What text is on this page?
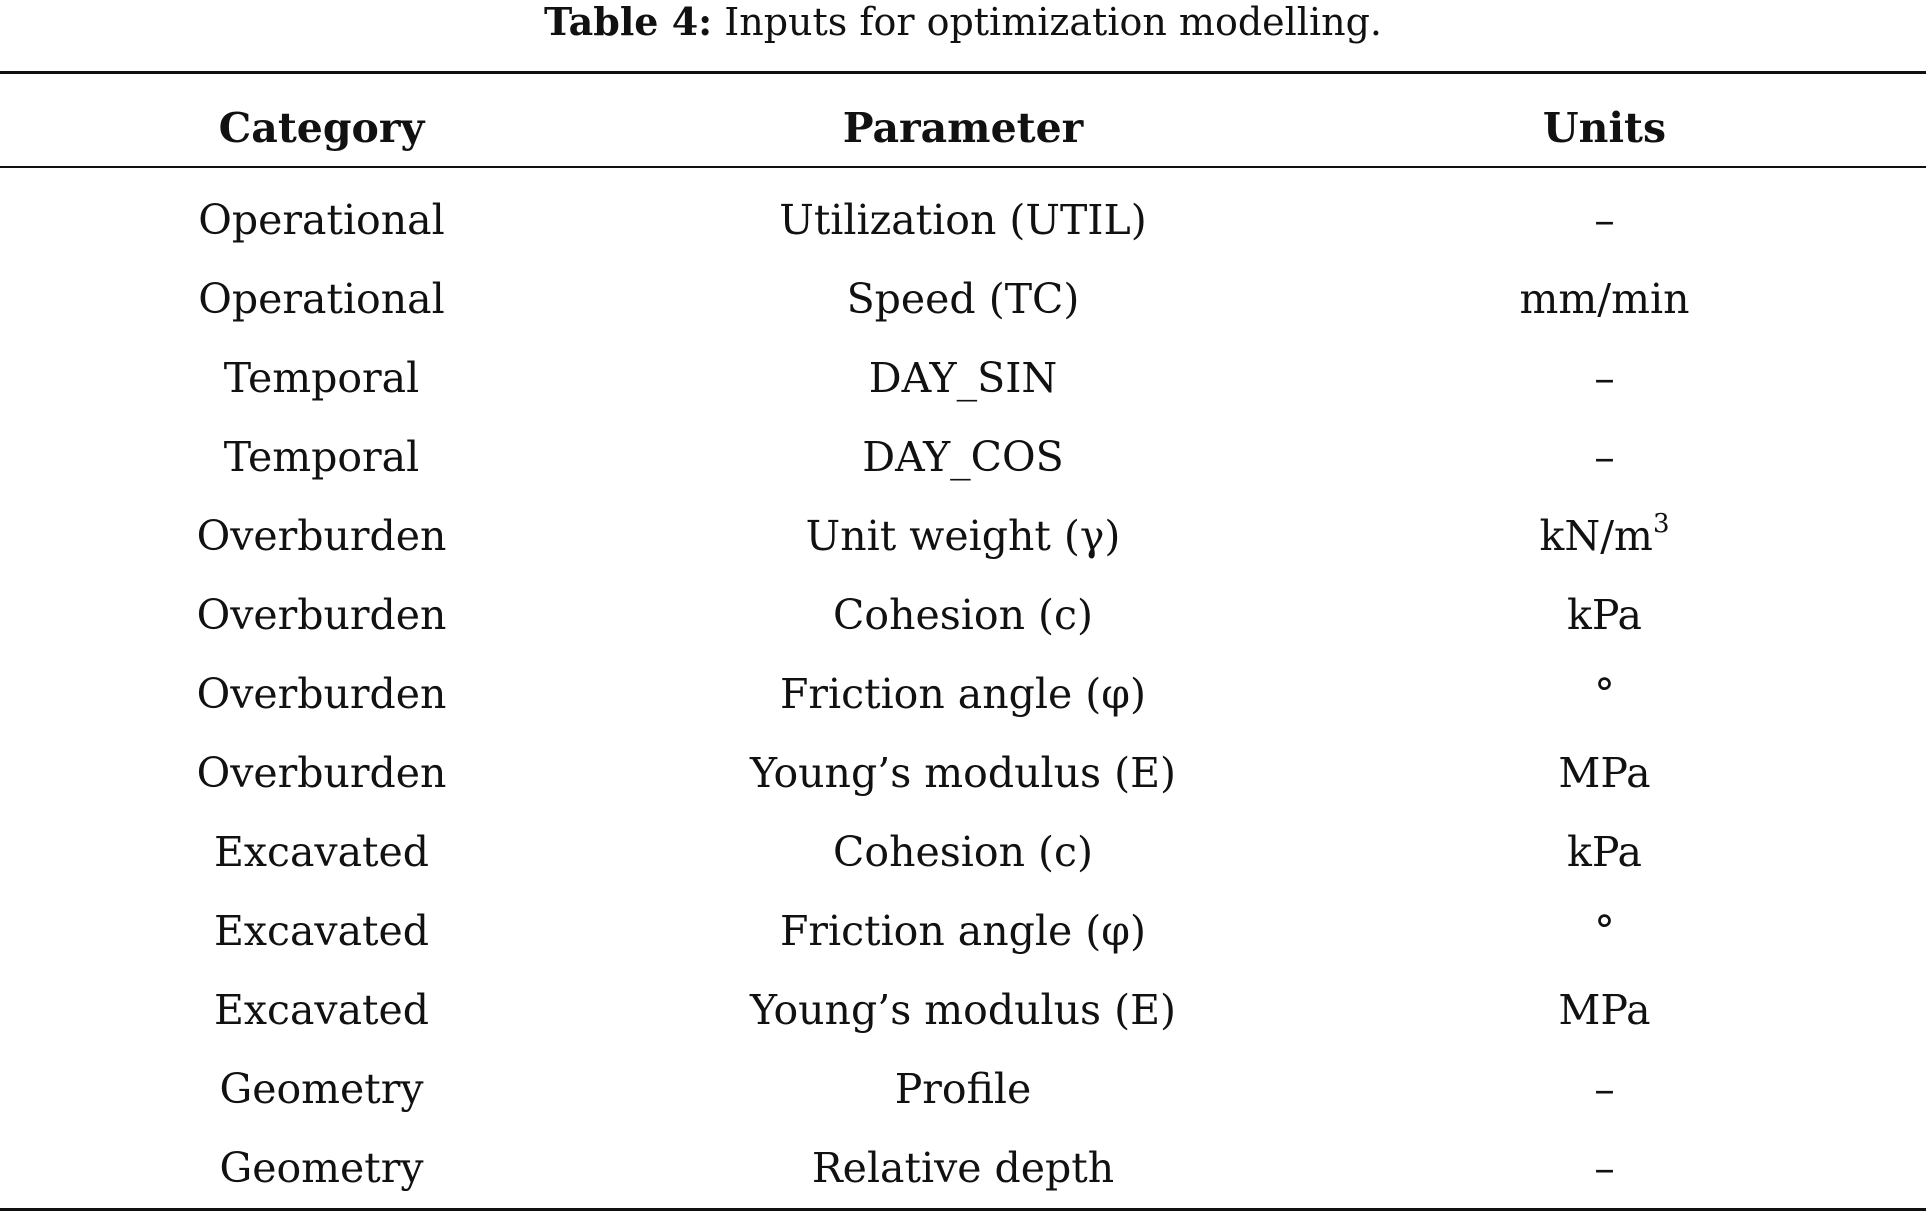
Table 4: Inputs for optimization modelling.
Category	Parameter	Units
Operational	Utilization (UTIL)	–
Operational	Speed (TC)	mm/min
Temporal	DAY_SIN	–
Temporal	DAY_COS	–
Overburden	Unit weight (γ)	$kN/m^3$
Overburden	Cohesion (c)	kPa
Overburden	Friction angle (φ)	°
Overburden	Young’s modulus (E)	MPa
Excavated	Cohesion (c)	kPa
Excavated	Friction angle (φ)	°
Excavated	Young’s modulus (E)	MPa
Geometry	Profile	–
Geometry	Relative depth	–
